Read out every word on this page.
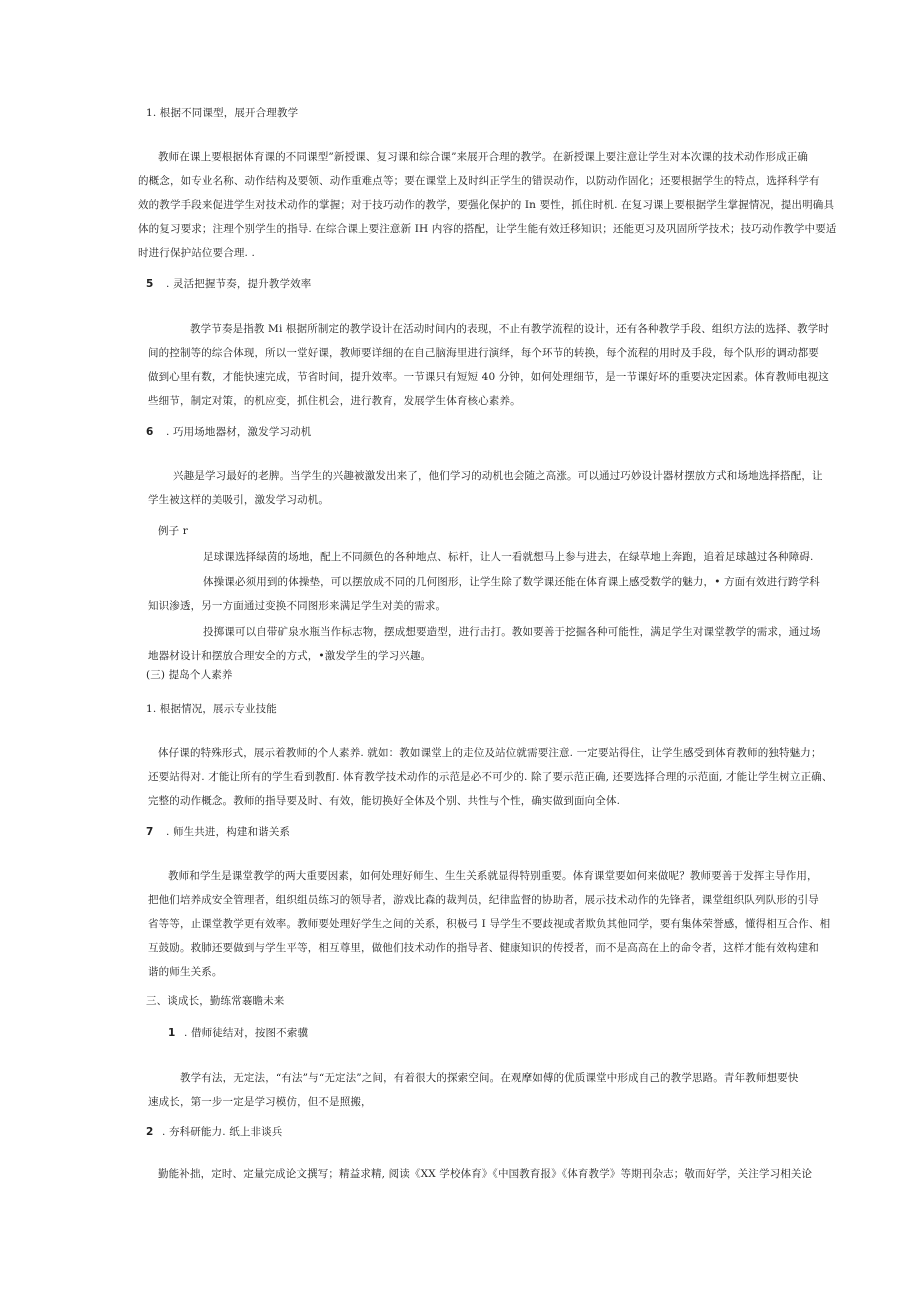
1. 根据不同课型，展开合理教学
教师在课上要根据体育课的不同课型”新授课、复习课和综合课”来展开合理的教学。在新授课上要注意让学生对本次课的技术动作形成正确
的概念，如专业名称、动作结构及要领、动作重难点等；要在课堂上及时纠正学生的错误动作，以防动作固化；还要根据学生的特点，选择科学有
效的教学手段来促进学生对技术动作的掌握；对于技巧动作的教学，要强化保护的 In 要性，抓住时机. 在复习课上要根据学生掌握情况，提出明确具
体的复习要求；注理个别学生的指导. 在综合课上要注意新 IH 内容的搭配，让学生能有效迁移知识；还能更习及巩固所学技术；技巧动作教学中要适
时进行保护站位要合理. .
5 . 灵活把握节奏，提升教学效率
教学节奏是指教 Mi 根据所制定的教学设计在活动时间内的表现，不止有教学流程的设计，还有各种教学手段、组织方法的选择、教学时
间的控制等的综合体现，所以一堂好课，教师要详细的在自己脑海里进行演绎，每个环节的转换，每个流程的用时及手段，每个队形的调动都要
做到心里有数，才能快速完成，节省时间，提升效率。一节课只有短短 40 分钟，如何处理细节，是一节课好坏的重要决定因素。体育教师电视这
些细节，制定对策，的机应变，抓住机会，进行教育，发展学生体育核心素养。
6 . 巧用场地器材，激发学习动机
兴趣是学习最好的老脾。当学生的兴趣被激发出来了，他们学习的动机也会随之高涨。可以通过巧妙设计器材摆放方式和场地选择搭配，让
学生被这样的美吸引，激发学习动机。
例子 r
足球课选择绿茵的场地，配上不同颜色的各种地点、标杆，让人一看就想马上参与进去，在绿草地上奔跑，追着足球越过各种障碍.
体操课必须用到的体操垫，可以摆放成不同的几何图形，让学生除了数学课还能在体育课上感受数学的魅力，• 方面有效进行跨学科
知识渗透，另一方面通过变换不同图形来满足学生对美的需求。
投掷课可以自带矿泉水瓶当作标志物，摆成想要造型，进行击打。教如要善于挖掘各种可能性，满足学生对课堂教学的需求，通过场
地器材设计和摆放合理安全的方式，•激发学生的学习兴趣。
(三) 提岛个人素养
1. 根据情况，展示专业技能
体仔课的特殊形式，展示着教师的个人素养. 就如：教如课堂上的走位及站位就需要注意. 一定要站得住，让学生感受到体育教师的独特魅力；
还要站得对. 才能让所有的学生看到教酊. 体育教学技术动作的示范是必不可少的. 除了要示范正确, 还要选择合理的示范面, 才能让学生树立正确、
完整的动作概念。教师的指导要及时、有效，能切换好全体及个别、共性与个性，确实做到面向全体.
7 . 师生共进，构建和谐关系
教师和学生是课堂教学的两大重要因素，如何处理好师生、生生关系就显得特别重要。体育课堂要如何来做呢？教师要善于发挥主导作用，
把他们培养成安全管理者，组织组员练习的领导者，游戏比森的裁判员，纪律监督的协助者，展示技术动作的先锋者，课堂组织队列队形的引导
省等等，止课堂教学更有效率。教师要处理好学生之间的关系，积极弓 I 导学生不要歧视或者欺负其他同学，要有集体荣誉感，懂得相互合作、相
互鼓励。救肺还要做到与学生平等，相互尊里，做他们技术动作的指导者、健康知识的传授者，而不是高高在上的命令者，这样才能有效构建和
谐的师生关系。
三、谈成长，勤练常褰瞻未来
1 . 借师徒结对，按图不索骥
教学有法，无定法，“有法”与“无定法”之间，有着很大的探索空间。在观摩如傅的优质课堂中形成自己的教学思路。青年教师想要快
速成长，第一步一定是学习模仿，但不是照搬，
2 . 夯科研能力. 纸上非谈兵
勤能补拙，定时、定量完成论文撰写；精益求精, 阅读《XX 学校体育》《中国教育报》《体育教学》等期刊杂志；敬而好学，关注学习相关论
